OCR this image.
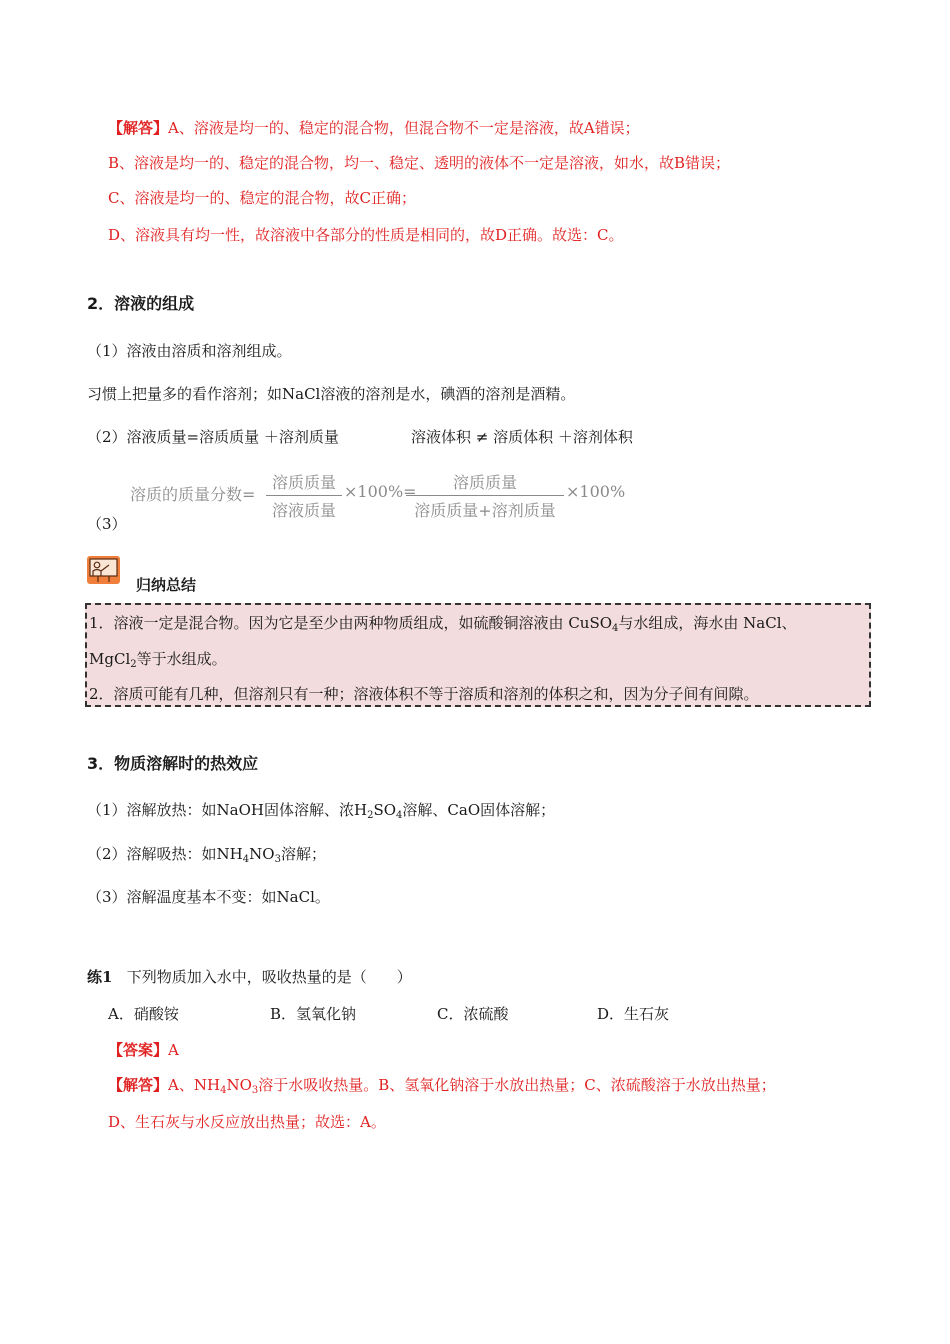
【解答】A、溶液是均一的、稳定的混合物，但混合物不一定是溶液，故A错误；
B、溶液是均一的、稳定的混合物，均一、稳定、透明的液体不一定是溶液，如水，故B错误；
C、溶液是均一的、稳定的混合物，故C正确；
D、溶液具有均一性，故溶液中各部分的性质是相同的，故D正确。故选：C。
2．溶液的组成
（1）溶液由溶质和溶剂组成。
习惯上把量多的看作溶剂；如NaCl溶液的溶剂是水，碘酒的溶剂是酒精。
（2）溶液质量=溶质质量 ＋溶剂质量	溶液体积 ≠ 溶质体积 ＋溶剂体积
溶质的质量分数=
溶质质量
溶液质量
×100%=	溶质质量
溶质质量+溶剂质量
×100%
（3）
归纳总结
1．溶液一定是混合物。因为它是至少由两种物质组成，如硫酸铜溶液由 CuSO$_4$与水组成，海水由 NaCl、
MgCl$_2$等于水组成。
2．溶质可能有几种，但溶剂只有一种；溶液体积不等于溶质和溶剂的体积之和，因为分子间有间隙。
3．物质溶解时的热效应
（1）溶解放热：如NaOH固体溶解、浓$H_2SO_4$溶解、CaO固体溶解；
（2）溶解吸热：如$NH_4NO_3$溶解；
（3）溶解温度基本不变：如NaCl。
练1 下列物质加入水中，吸收热量的是（　　）
A．硝酸铵	B．氢氧化钠	C．浓硫酸	D．生石灰
【答案】A
【解答】A、$NH_4NO_3$溶于水吸收热量。B、氢氧化钠溶于水放出热量；C、浓硫酸溶于水放出热量；
D、生石灰与水反应放出热量；故选：A。
